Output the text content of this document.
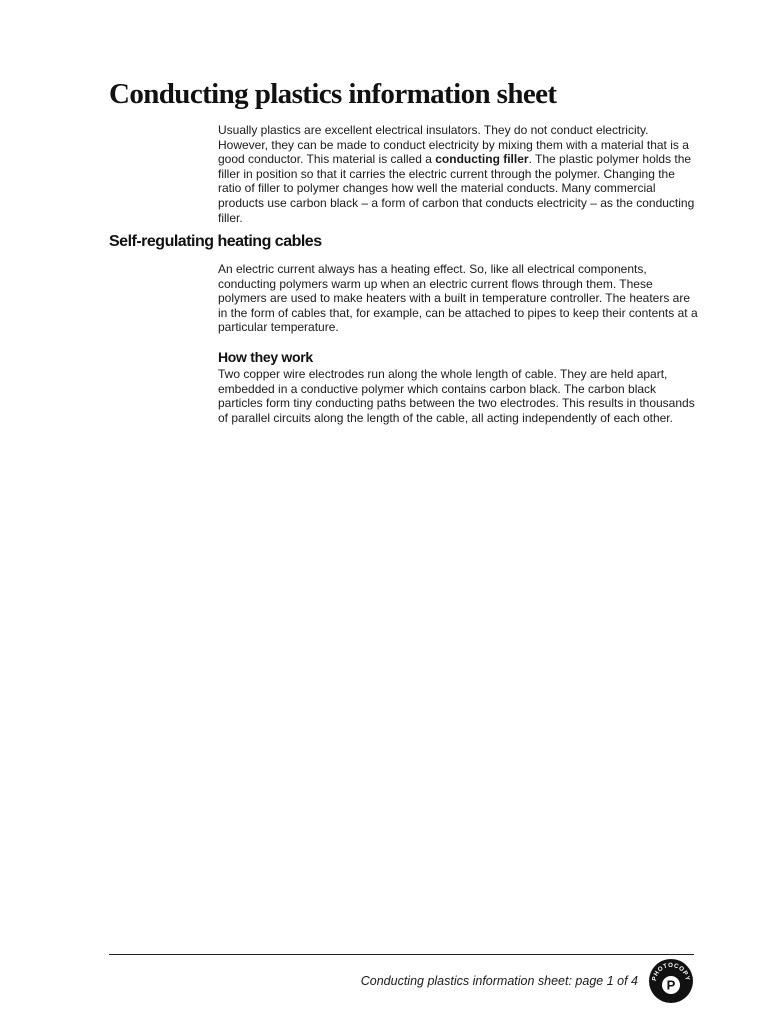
Conducting plastics information sheet

Usually plastics are excellent electrical insulators. They do not conduct electricity. However, they can be made to conduct electricity by mixing them with a material that is a good conductor. This material is called a conducting filler. The plastic polymer holds the filler in position so that it carries the electric current through the polymer. Changing the ratio of filler to polymer changes how well the material conducts. Many commercial products use carbon black – a form of carbon that conducts electricity – as the conducting filler.

Self-regulating heating cables

An electric current always has a heating effect. So, like all electrical components, conducting polymers warm up when an electric current flows through them. These polymers are used to make heaters with a built in temperature controller. The heaters are in the form of cables that, for example, can be attached to pipes to keep their contents at a particular temperature.

How they work

Two copper wire electrodes run along the whole length of cable. They are held apart, embedded in a conductive polymer which contains carbon black. The carbon black particles form tiny conducting paths between the two electrodes. This results in thousands of parallel circuits along the length of the cable, all acting independently of each other.

Conducting plastics information sheet: page 1 of 4 PHOTOCOPY
P
